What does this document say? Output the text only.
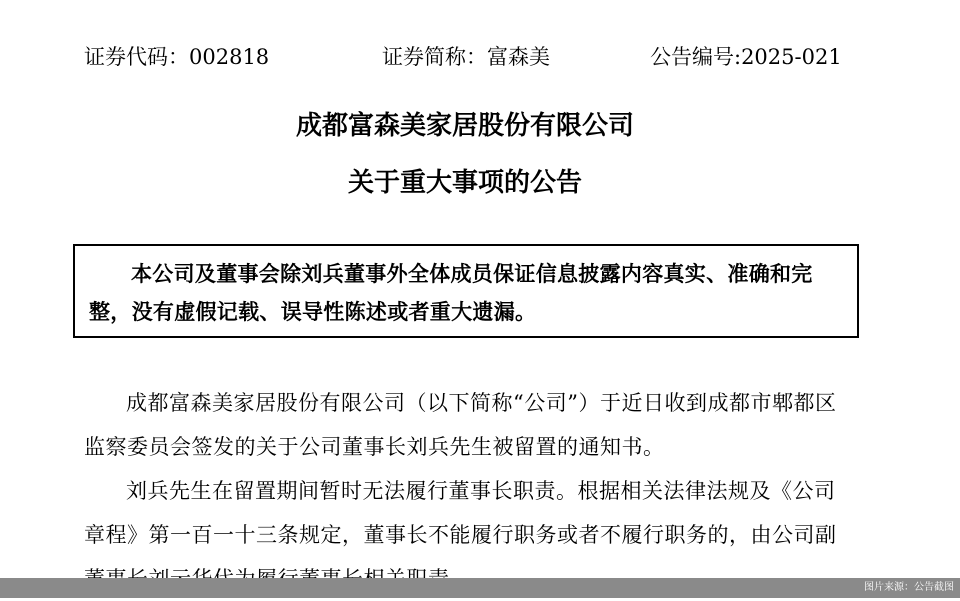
证券代码：002818	证券简称：富森美	公告编号:2025-021
成都富森美家居股份有限公司
关于重大事项的公告
本公司及董事会除刘兵董事外全体成员保证信息披露内容真实、准确和完整，没有虚假记载、误导性陈述或者重大遗漏。
成都富森美家居股份有限公司（以下简称“公司”）于近日收到成都市郫都区监察委员会签发的关于公司董事长刘兵先生被留置的通知书。
刘兵先生在留置期间暂时无法履行董事长职责。根据相关法律法规及《公司章程》第一百一十三条规定，董事长不能履行职务或者不履行职务的，由公司副
图片来源：公告截图
